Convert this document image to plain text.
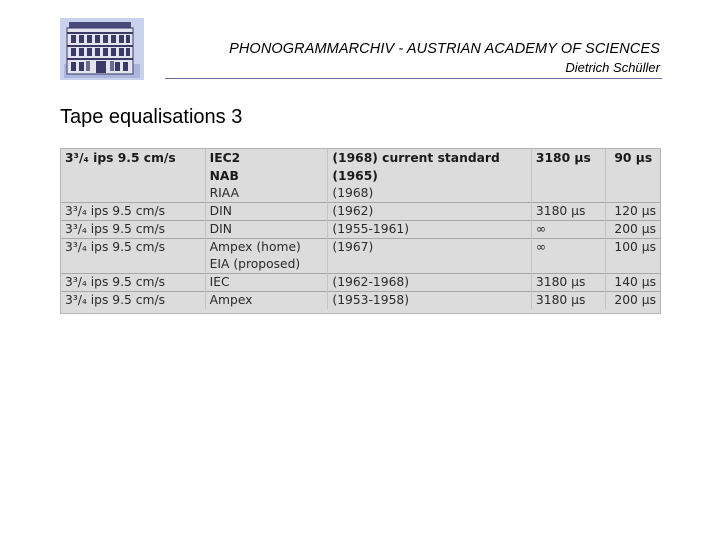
PHONOGRAMMARCHIV - AUSTRIAN ACADEMY OF SCIENCES
Dietrich Schüller
Tape equalisations 3
3³/₄ ips 9.5 cm/s	IEC2	(1968) current standard	3180 µs	90 µs
	NAB	(1965)		
	RIAA	(1968)		
3³/₄ ips 9.5 cm/s	DIN	(1962)	3180 µs	120 µs
3³/₄ ips 9.5 cm/s	DIN	(1955-1961)	∞	200 µs
3³/₄ ips 9.5 cm/s	Ampex (home)	(1967)	∞	100 µs
	EIA (proposed)			
3³/₄ ips 9.5 cm/s	IEC	(1962-1968)	3180 µs	140 µs
3³/₄ ips 9.5 cm/s	Ampex	(1953-1958)	3180 µs	200 µs
